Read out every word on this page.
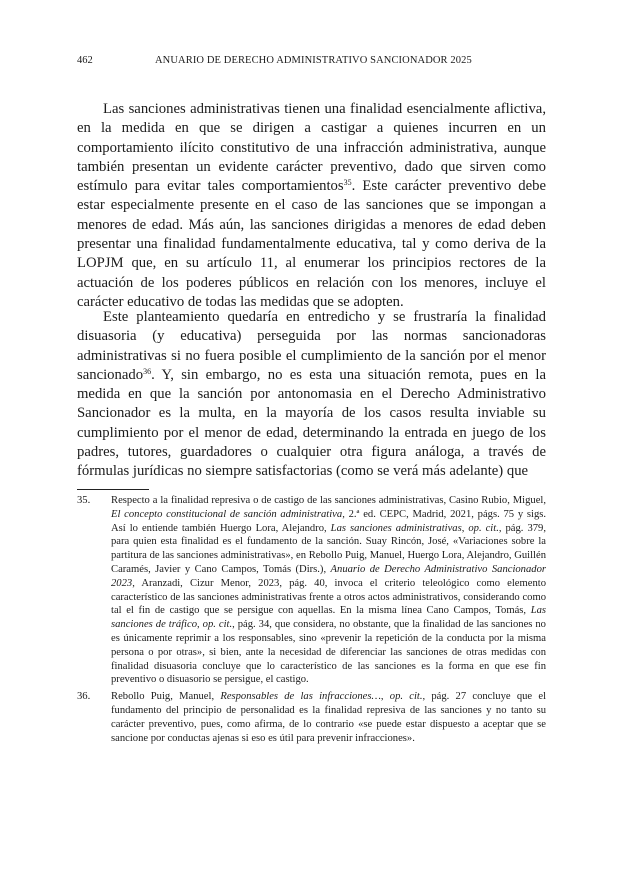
462	ANUARIO DE DERECHO ADMINISTRATIVO SANCIONADOR 2025

Las sanciones administrativas tienen una finalidad esencialmente aflictiva, en la medida en que se dirigen a castigar a quienes incurren en un comportamiento ilícito constitutivo de una infracción administrativa, aunque también presentan un evidente carácter preventivo, dado que sirven como estímulo para evitar tales comportamientos$^{35}$. Este carácter preventivo debe estar especialmente presente en el caso de las sanciones que se impongan a menores de edad. Más aún, las sanciones dirigidas a menores de edad deben presentar una finalidad fundamentalmente educativa, tal y como deriva de la LOPJM que, en su artículo 11, al enumerar los principios rectores de la actuación de los poderes públicos en relación con los menores, incluye el carácter educativo de todas las medidas que se adopten.

Este planteamiento quedaría en entredicho y se frustraría la finalidad disuasoria (y educativa) perseguida por las normas sancionadoras administrativas si no fuera posible el cumplimiento de la sanción por el menor sancionado$^{36}$. Y, sin embargo, no es esta una situación remota, pues en la medida en que la sanción por antonomasia en el Derecho Administrativo Sancionador es la multa, en la mayoría de los casos resulta inviable su cumplimiento por el menor de edad, determinando la entrada en juego de los padres, tutores, guardadores o cualquier otra figura análoga, a través de fórmulas jurídicas no siempre satisfactorias (como se verá más adelante) que

35. Respecto a la finalidad represiva o de castigo de las sanciones administrativas, Casino Rubio, Miguel, El concepto constitucional de sanción administrativa, 2.ª ed. CEPC, Madrid, 2021, págs. 75 y sigs. Así lo entiende también Huergo Lora, Alejandro, Las sanciones administrativas, op. cit., pág. 379, para quien esta finalidad es el fundamento de la sanción. Suay Rincón, José, «Variaciones sobre la partitura de las sanciones administrativas», en Rebollo Puig, Manuel, Huergo Lora, Alejandro, Guillén Caramés, Javier y Cano Campos, Tomás (Dirs.), Anuario de Derecho Administrativo Sancionador 2023, Aranzadi, Cizur Menor, 2023, pág. 40, invoca el criterio teleológico como elemento característico de las sanciones administrativas frente a otros actos administrativos, considerando como tal el fin de castigo que se persigue con aquellas. En la misma línea Cano Campos, Tomás, Las sanciones de tráfico, op. cit., pág. 34, que considera, no obstante, que la finalidad de las sanciones no es únicamente reprimir a los responsables, sino «prevenir la repetición de la conducta por la misma persona o por otras», si bien, ante la necesidad de diferenciar las sanciones de otras medidas con finalidad disuasoria concluye que lo característico de las sanciones es la forma en que ese fin preventivo o disuasorio se persigue, el castigo.
36. Rebollo Puig, Manuel, Responsables de las infracciones…, op. cit., pág. 27 concluye que el fundamento del principio de personalidad es la finalidad represiva de las sanciones y no tanto su carácter preventivo, pues, como afirma, de lo contrario «se puede estar dispuesto a aceptar que se sancione por conductas ajenas si eso es útil para prevenir infracciones».
